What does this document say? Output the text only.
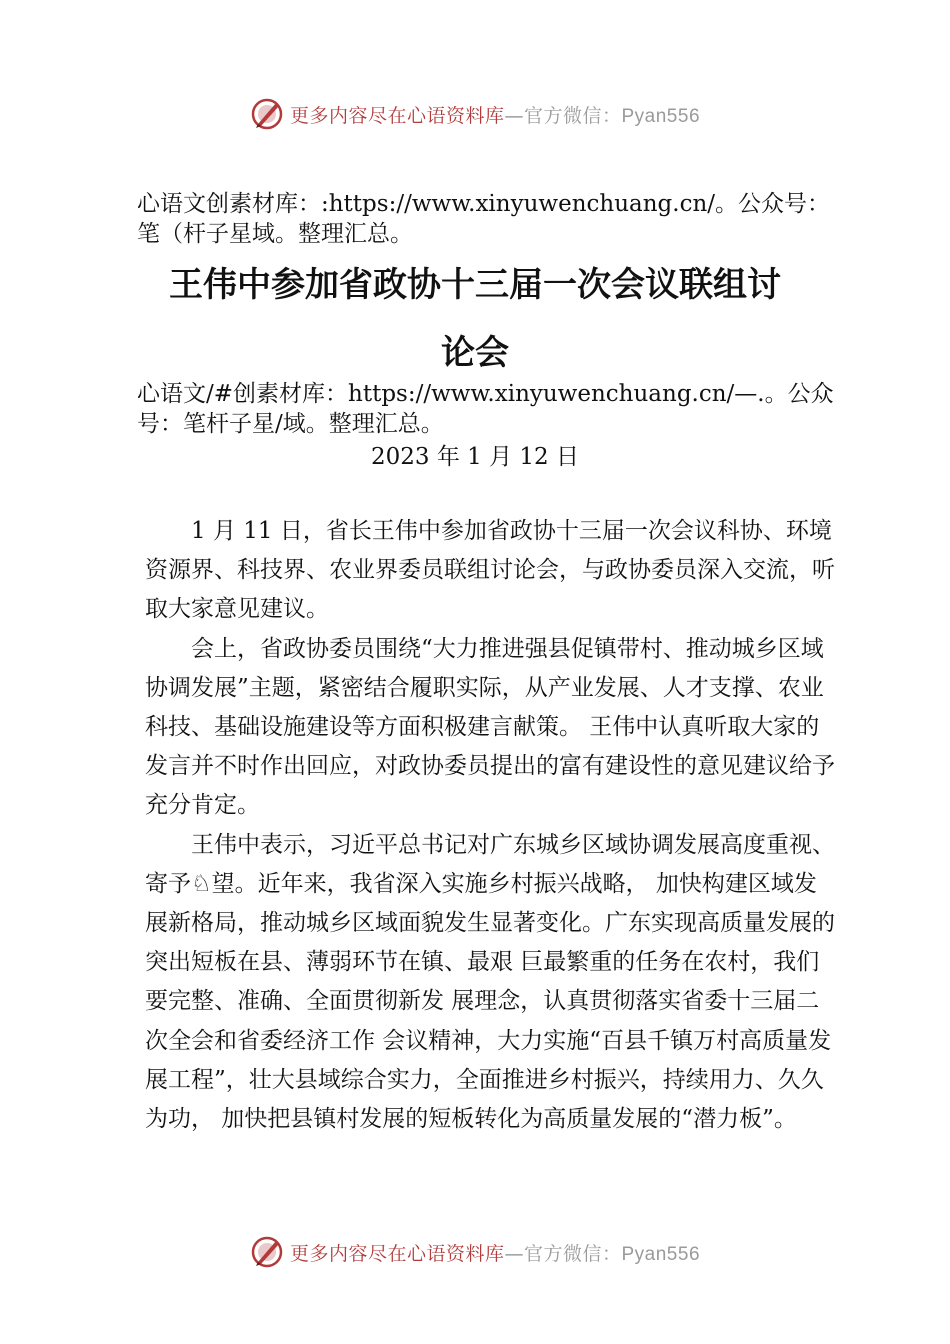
更多内容尽在心语资料库—官方微信：Pyan556

心语文创素材库：:https://www.xinyuwenchuang.cn/。公众号：笔（杆子星域。整理汇总。

王伟中参加省政协十三届一次会议联组讨
论会

心语文/#创素材库：https://www.xinyuwenchuang.cn/—.。公众号：笔杆子星/域。整理汇总。

2023 年 1 月 12 日

1 月 11 日，省长王伟中参加省政协十三届一次会议科协、环境资源界、科技界、农业界委员联组讨论会，与政协委员深入交流，听取大家意见建议。

会上，省政协委员围绕“大力推进强县促镇带村、推动城乡区域协调发展”主题，紧密结合履职实际，从产业发展、人才支撑、农业科技、基础设施建设等方面积极建言献策。 王伟中认真听取大家的发言并不时作出回应，对政协委员提出的富有建设性的意见建议给予充分肯定。

王伟中表示，习近平总书记对广东城乡区域协调发展高度重视、寄予♘望。近年来，我省深入实施乡村振兴战略， 加快构建区域发展新格局，推动城乡区域面貌发生显著变化。广东实现高质量发展的突出短板在县、薄弱环节在镇、最艰 巨最繁重的任务在农村，我们要完整、准确、全面贯彻新发 展理念，认真贯彻落实省委十三届二次全会和省委经济工作 会议精神，大力实施“百县千镇万村高质量发展工程”，壮大县域综合实力，全面推进乡村振兴，持续用力、久久为功， 加快把县镇村发展的短板转化为高质量发展的“潜力板”。

更多内容尽在心语资料库—官方微信：Pyan556
